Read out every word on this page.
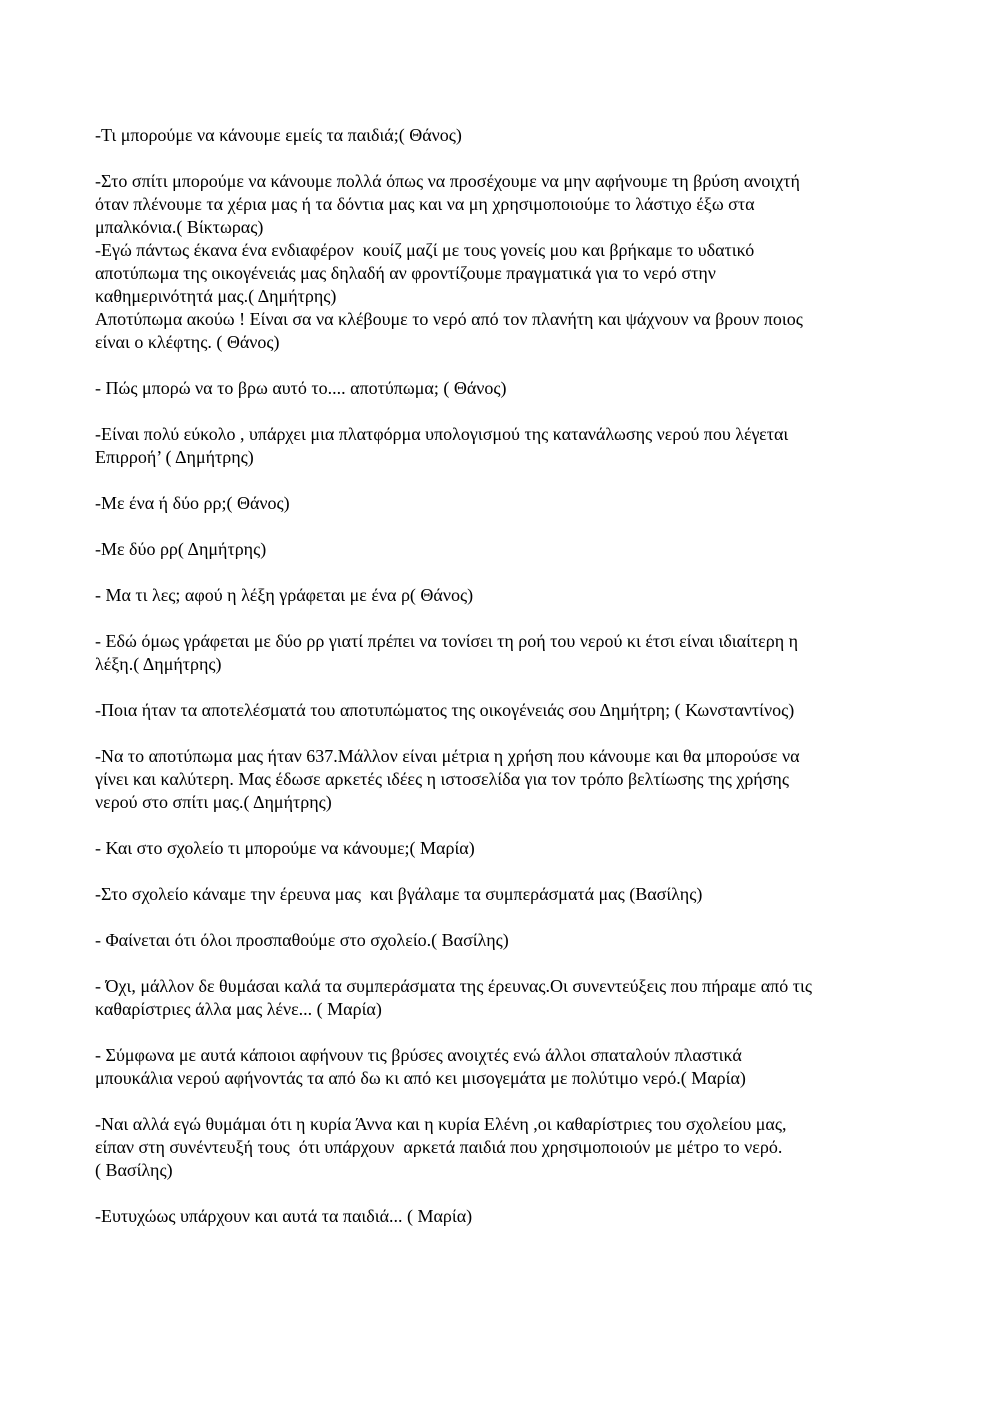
-Τι μπορούμε να κάνουμε εμείς τα παιδιά;( Θάνος)

-Στο σπίτι μπορούμε να κάνουμε πολλά όπως να προσέχουμε να μην αφήνουμε τη βρύση ανοιχτή
όταν πλένουμε τα χέρια μας ή τα δόντια μας και να μη χρησιμοποιούμε το λάστιχο έξω στα
μπαλκόνια.( Βίκτωρας)

-Εγώ πάντως έκανα ένα ενδιαφέρον  κουίζ μαζί με τους γονείς μου και βρήκαμε το υδατικό
αποτύπωμα της οικογένειάς μας δηλαδή αν φροντίζουμε πραγματικά για το νερό στην
καθημερινότητά μας.( Δημήτρης)

Αποτύπωμα ακούω ! Είναι σα να κλέβουμε το νερό από τον πλανήτη και ψάχνουν να βρουν ποιος
είναι ο κλέφτης. ( Θάνος)

- Πώς μπορώ να το βρω αυτό το.... αποτύπωμα; ( Θάνος)

-Είναι πολύ εύκολο , υπάρχει μια πλατφόρμα υπολογισμού της κατανάλωσης νερού που λέγεται
Επιρροή’ ( Δημήτρης)

-Με ένα ή δύο ρρ;( Θάνος)

-Με δύο ρρ( Δημήτρης)

- Μα τι λες; αφού η λέξη γράφεται με ένα ρ( Θάνος)

- Εδώ όμως γράφεται με δύο ρρ γιατί πρέπει να τονίσει τη ροή του νερού κι έτσι είναι ιδιαίτερη η
λέξη.( Δημήτρης)

-Ποια ήταν τα αποτελέσματά του αποτυπώματος της οικογένειάς σου Δημήτρη; ( Κωνσταντίνος)

-Να το αποτύπωμα μας ήταν 637.Μάλλον είναι μέτρια η χρήση που κάνουμε και θα μπορούσε να
γίνει και καλύτερη. Μας έδωσε αρκετές ιδέες η ιστοσελίδα για τον τρόπο βελτίωσης της χρήσης
νερού στο σπίτι μας.( Δημήτρης)

- Και στο σχολείο τι μπορούμε να κάνουμε;( Μαρία)

-Στο σχολείο κάναμε την έρευνα μας  και βγάλαμε τα συμπεράσματά μας (Βασίλης)

- Φαίνεται ότι όλοι προσπαθούμε στο σχολείο.( Βασίλης)

- Όχι, μάλλον δε θυμάσαι καλά τα συμπεράσματα της έρευνας.Οι συνεντεύξεις που πήραμε από τις
καθαρίστριες άλλα μας λένε... ( Μαρία)

- Σύμφωνα με αυτά κάποιοι αφήνουν τις βρύσες ανοιχτές ενώ άλλοι σπαταλούν πλαστικά
μπουκάλια νερού αφήνοντάς τα από δω κι από κει μισογεμάτα με πολύτιμο νερό.( Μαρία)

-Ναι αλλά εγώ θυμάμαι ότι η κυρία Άννα και η κυρία Ελένη ,οι καθαρίστριες του σχολείου μας,
είπαν στη συνέντευξή τους  ότι υπάρχουν  αρκετά παιδιά που χρησιμοποιούν με μέτρο το νερό.
( Βασίλης)

-Ευτυχώως υπάρχουν και αυτά τα παιδιά... ( Μαρία)
